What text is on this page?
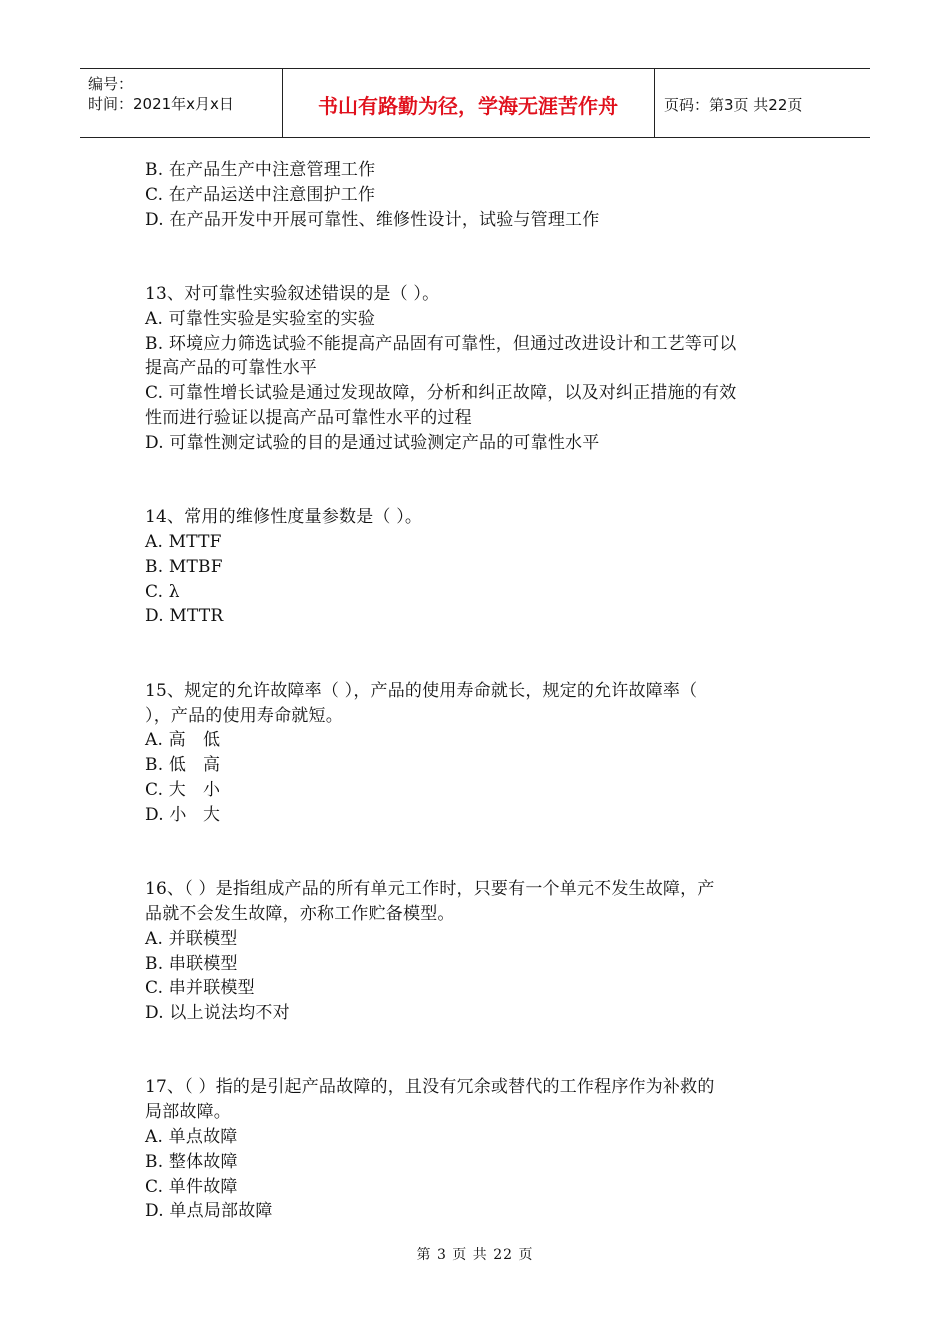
编号：
时间：2021年x月x日	书山有路勤为径，学海无涯苦作舟	页码：第3页 共22页
B. 在产品生产中注意管理工作
C. 在产品运送中注意围护工作
D. 在产品开发中开展可靠性、维修性设计，试验与管理工作
13、对可靠性实验叙述错误的是（ ）。
A. 可靠性实验是实验室的实验
B. 环境应力筛选试验不能提高产品固有可靠性，但通过改进设计和工艺等可以
提高产品的可靠性水平
C. 可靠性增长试验是通过发现故障，分析和纠正故障，以及对纠正措施的有效
性而进行验证以提高产品可靠性水平的过程
D. 可靠性测定试验的目的是通过试验测定产品的可靠性水平
14、常用的维修性度量参数是（ ）。
A. MTTF
B. MTBF
C. λ
D. MTTR
15、规定的允许故障率（ ），产品的使用寿命就长，规定的允许故障率（
），产品的使用寿命就短。
A. 高 低
B. 低 高
C. 大 小
D. 小 大
16、（ ）是指组成产品的所有单元工作时，只要有一个单元不发生故障，产
品就不会发生故障，亦称工作贮备模型。
A. 并联模型
B. 串联模型
C. 串并联模型
D. 以上说法均不对
17、（ ）指的是引起产品故障的，且没有冗余或替代的工作程序作为补救的
局部故障。
A. 单点故障
B. 整体故障
C. 单件故障
D. 单点局部故障
第 3 页 共 22 页
